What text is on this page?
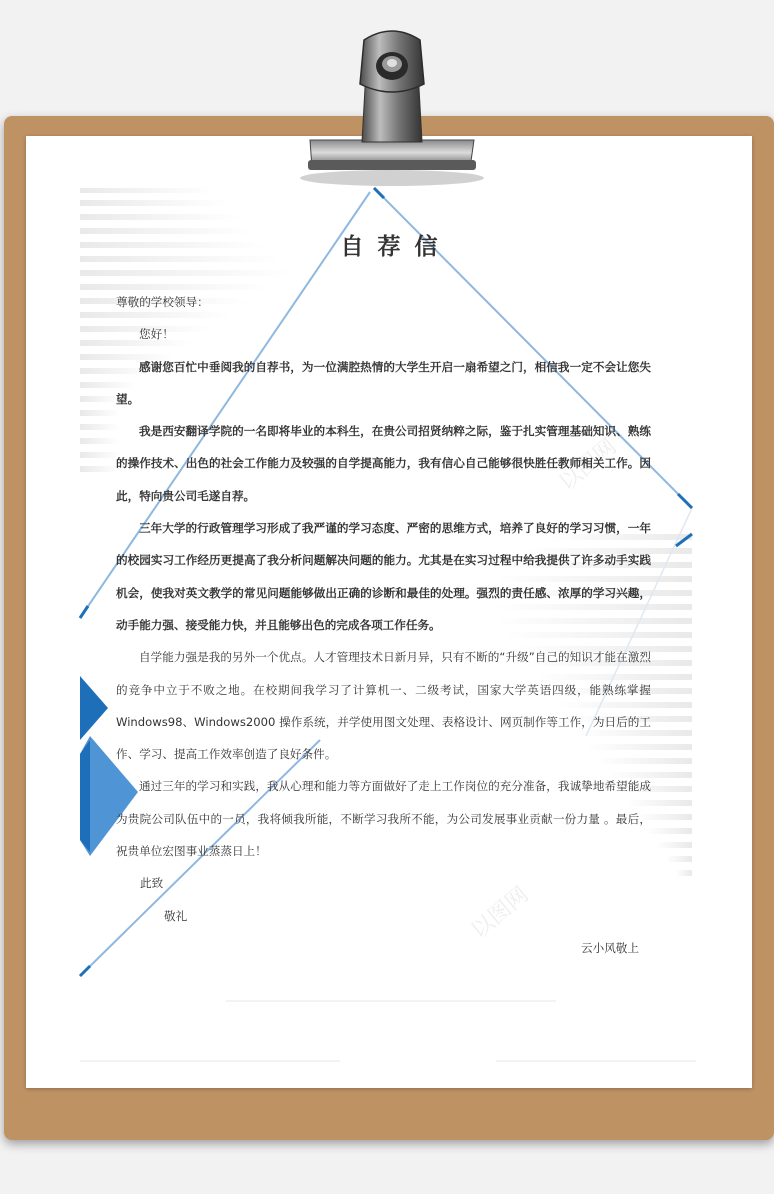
以图网
以图网
自荐信

尊敬的学校领导：

您好！

感谢您百忙中垂阅我的自荐书，为一位满腔热情的大学生开启一扇希望之门，相信我一定不会让您失望。

我是西安翻译学院的一名即将毕业的本科生，在贵公司招贤纳粹之际，鉴于扎实管理基础知识、熟练的操作技术、出色的社会工作能力及较强的自学提高能力，我有信心自己能够很快胜任教师相关工作。因此，特向贵公司毛遂自荐。

三年大学的行政管理学习形成了我严谨的学习态度、严密的思维方式，培养了良好的学习习惯，一年的校园实习工作经历更提高了我分析问题解决问题的能力。尤其是在实习过程中给我提供了许多动手实践机会，使我对英文教学的常见问题能够做出正确的诊断和最佳的处理。强烈的责任感、浓厚的学习兴趣，动手能力强、接受能力快，并且能够出色的完成各项工作任务。

自学能力强是我的另外一个优点。人才管理技术日新月异，只有不断的“升级”自己的知识才能在激烈的竞争中立于不败之地。在校期间我学习了计算机一、二级考试，国家大学英语四级，能熟练掌握 Windows98、Windows2000 操作系统，并学使用图文处理、表格设计、网页制作等工作，为日后的工作、学习、提高工作效率创造了良好条件。

通过三年的学习和实践，我从心理和能力等方面做好了走上工作岗位的充分准备，我诚挚地希望能成为贵院公司队伍中的一员，我将倾我所能，不断学习我所不能，为公司发展事业贡献一份力量 。最后，祝贵单位宏图事业蒸蒸日上！

此致

敬礼

云小风敬上
